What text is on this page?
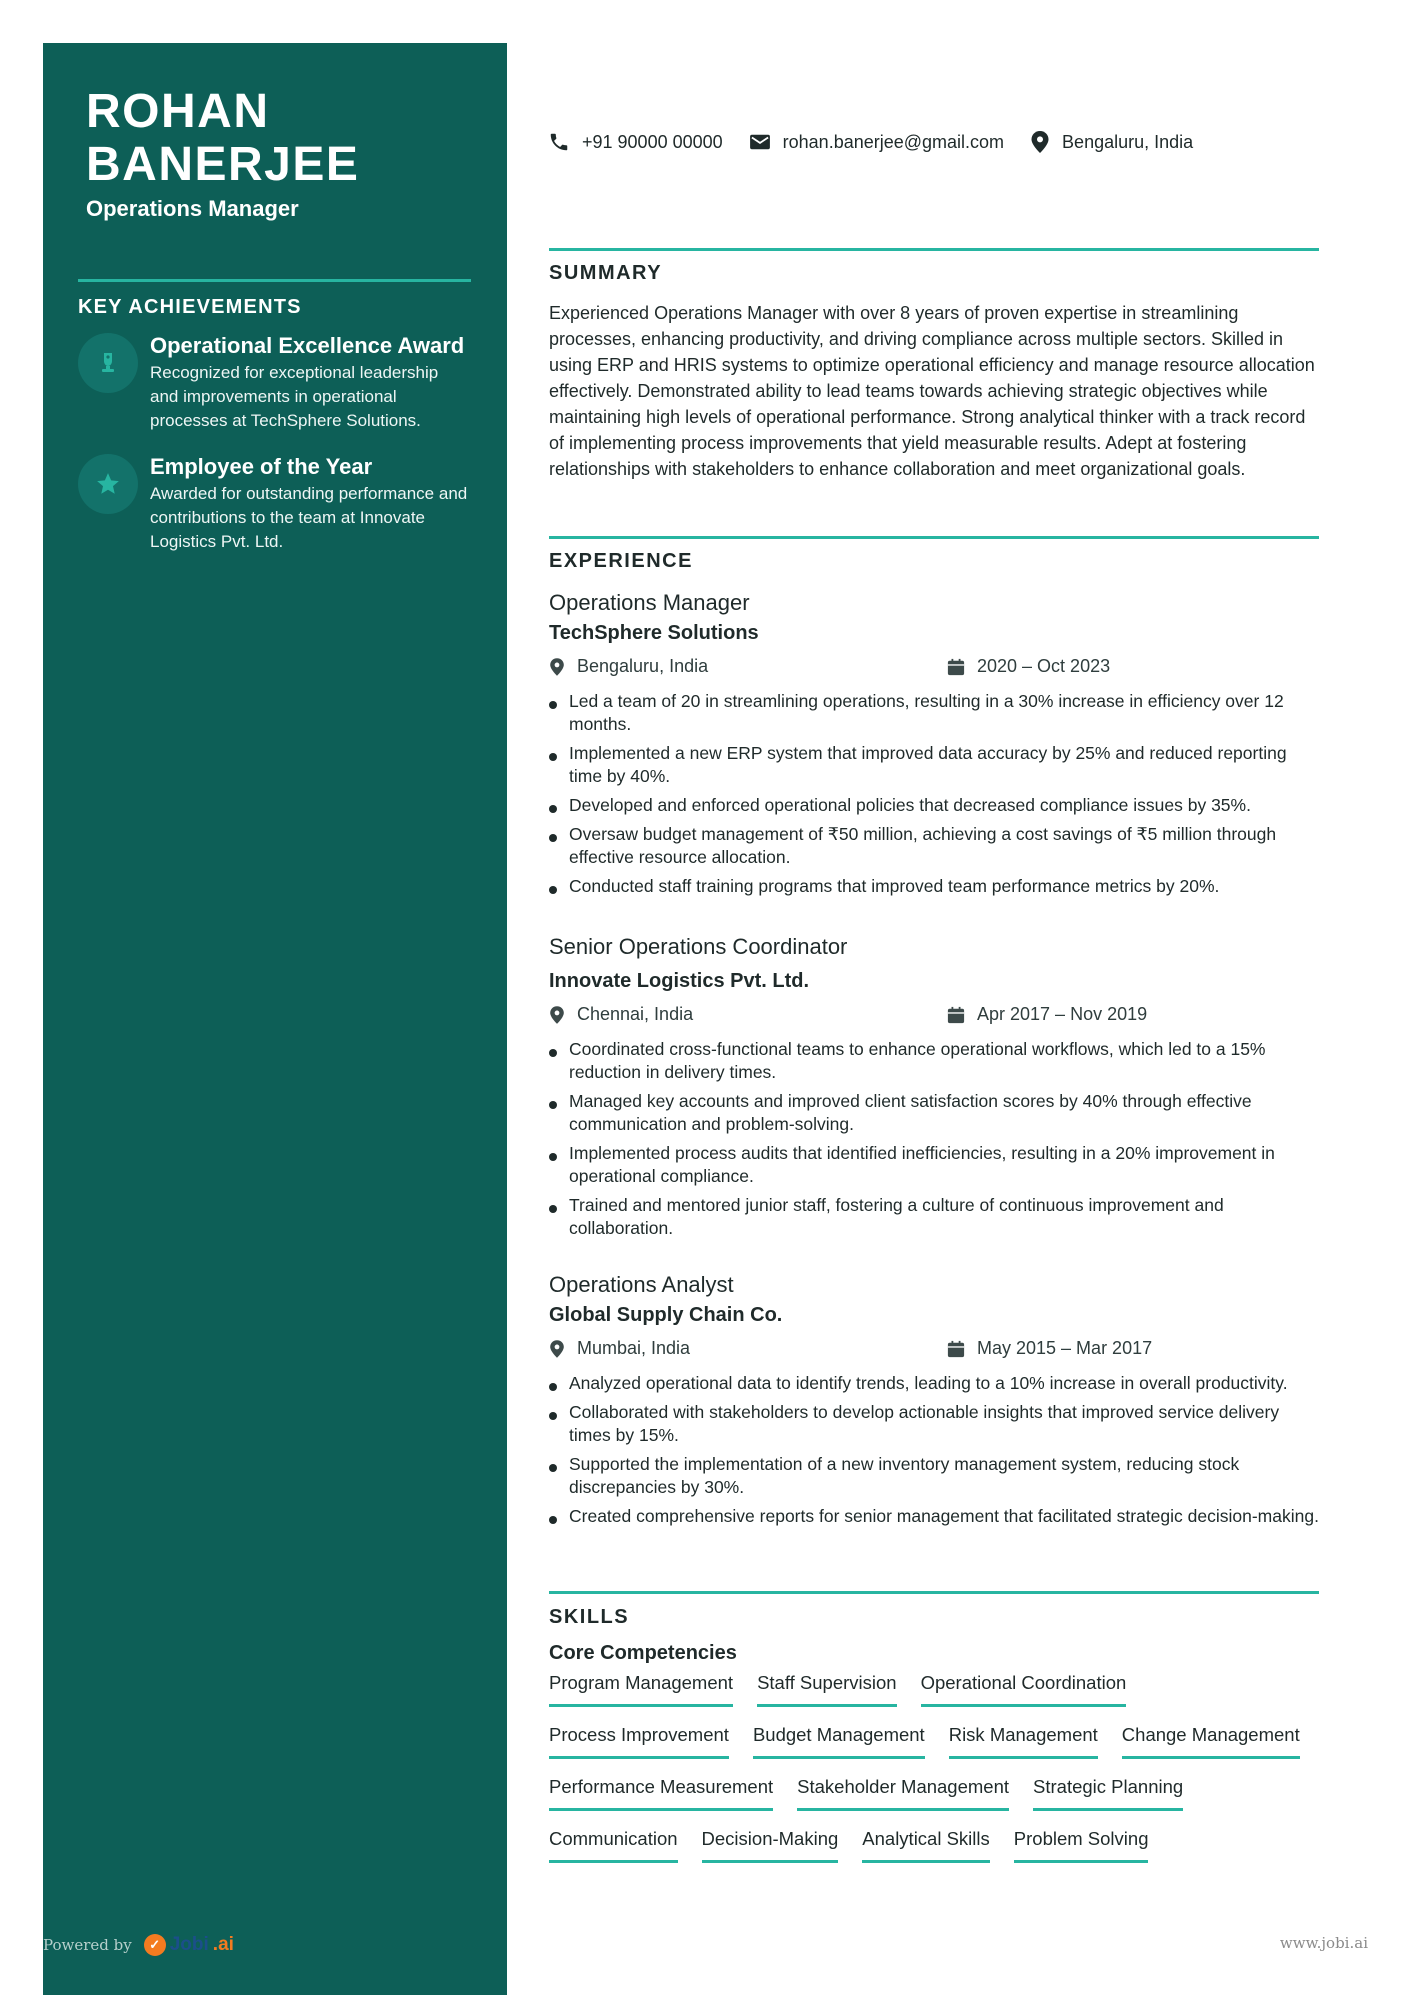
ROHAN
BANERJEE
Operations Manager
KEY ACHIEVEMENTS
Operational Excellence Award
Recognized for exceptional leadership and improvements in operational processes at TechSphere Solutions.
Employee of the Year
Awarded for outstanding performance and contributions to the team at Innovate Logistics Pvt. Ltd.
+91 90000 00000	rohan.banerjee@gmail.com	Bengaluru, India
SUMMARY

Experienced Operations Manager with over 8 years of proven expertise in streamlining processes, enhancing productivity, and driving compliance across multiple sectors. Skilled in using ERP and HRIS systems to optimize operational efficiency and manage resource allocation effectively. Demonstrated ability to lead teams towards achieving strategic objectives while maintaining high levels of operational performance. Strong analytical thinker with a track record of implementing process improvements that yield measurable results. Adept at fostering relationships with stakeholders to enhance collaboration and meet organizational goals.

EXPERIENCE
Operations Manager
TechSphere Solutions
Bengaluru, India	2020 – Oct 2023
Led a team of 20 in streamlining operations, resulting in a 30% increase in efficiency over 12 months.
Implemented a new ERP system that improved data accuracy by 25% and reduced reporting time by 40%.
Developed and enforced operational policies that decreased compliance issues by 35%.
Oversaw budget management of ₹50 million, achieving a cost savings of ₹5 million through effective resource allocation.
Conducted staff training programs that improved team performance metrics by 20%.
Senior Operations Coordinator
Innovate Logistics Pvt. Ltd.
Chennai, India	Apr 2017 – Nov 2019
Coordinated cross-functional teams to enhance operational workflows, which led to a 15% reduction in delivery times.
Managed key accounts and improved client satisfaction scores by 40% through effective communication and problem-solving.
Implemented process audits that identified inefficiencies, resulting in a 20% improvement in operational compliance.
Trained and mentored junior staff, fostering a culture of continuous improvement and collaboration.
Operations Analyst
Global Supply Chain Co.
Mumbai, India	May 2015 – Mar 2017
Analyzed operational data to identify trends, leading to a 10% increase in overall productivity.
Collaborated with stakeholders to develop actionable insights that improved service delivery times by 15%.
Supported the implementation of a new inventory management system, reducing stock discrepancies by 30%.
Created comprehensive reports for senior management that facilitated strategic decision-making.
SKILLS
Core Competencies
Program Management Staff Supervision Operational Coordination
Process Improvement Budget Management Risk Management Change Management
Performance Measurement Stakeholder Management Strategic Planning
Communication Decision-Making Analytical Skills Problem Solving
Powered by	✓ Jobi .ai	www.jobi.ai
